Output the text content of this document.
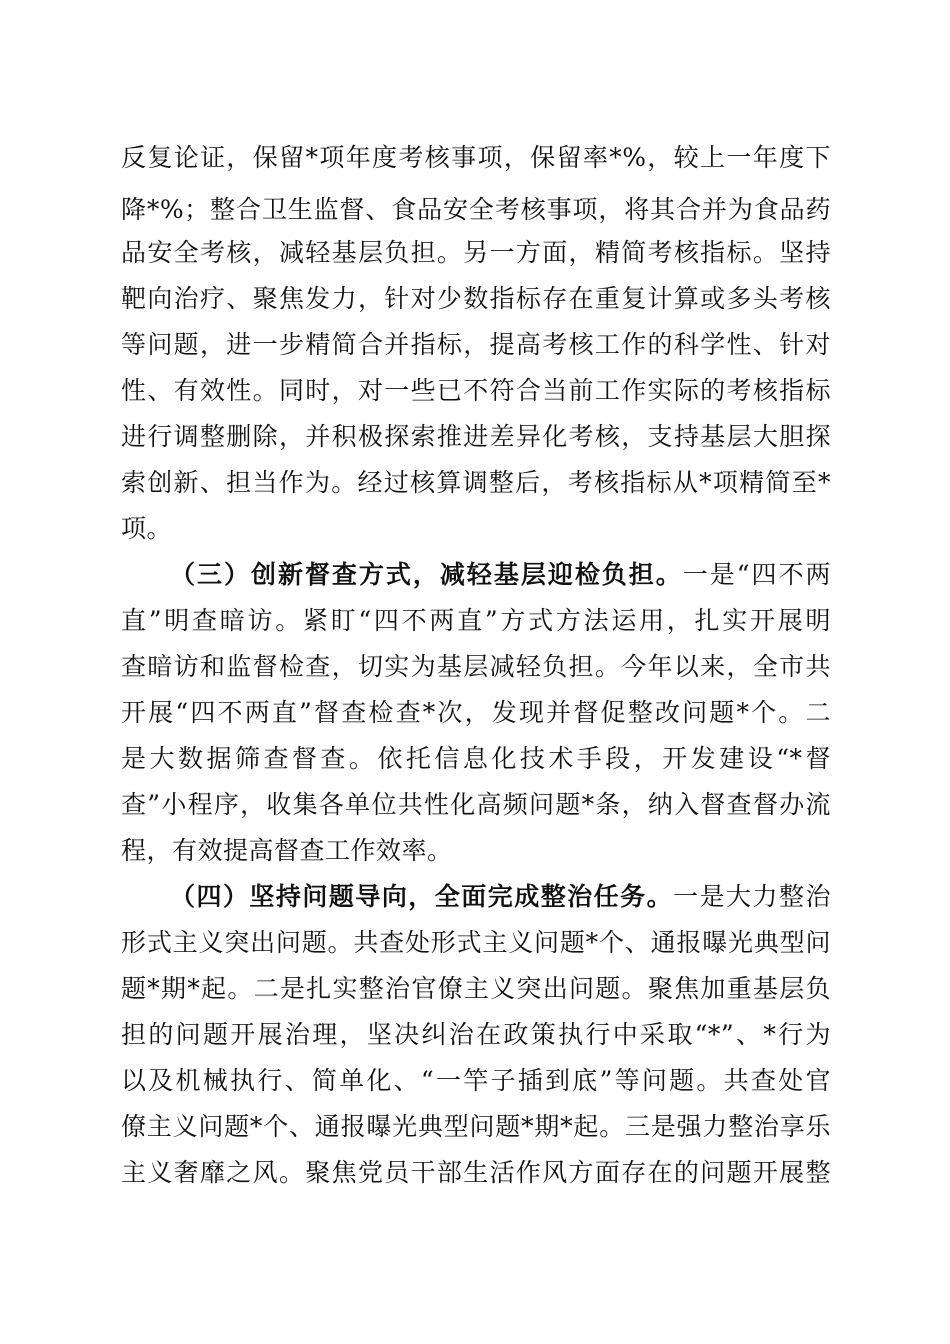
反复论证，保留*项年度考核事项，保留率*%，较上一年度下
降*%；整合卫生监督、食品安全考核事项，将其合并为食品药
品安全考核，减轻基层负担。另一方面，精简考核指标。坚持
靶向治疗、聚焦发力，针对少数指标存在重复计算或多头考核
等问题，进一步精简合并指标，提高考核工作的科学性、针对
性、有效性。同时，对一些已不符合当前工作实际的考核指标
进行调整删除，并积极探索推进差异化考核，支持基层大胆探
索创新、担当作为。经过核算调整后，考核指标从*项精简至*
项。
（三）创新督查方式，减轻基层迎检负担。一是“四不两
直”明查暗访。紧盯“四不两直”方式方法运用，扎实开展明
查暗访和监督检查，切实为基层减轻负担。今年以来，全市共
开展“四不两直”督查检查*次，发现并督促整改问题*个。二
是大数据筛查督查。依托信息化技术手段，开发建设“*督
查”小程序，收集各单位共性化高频问题*条，纳入督查督办流
程，有效提高督查工作效率。
（四）坚持问题导向，全面完成整治任务。一是大力整治
形式主义突出问题。共查处形式主义问题*个、通报曝光典型问
题*期*起。二是扎实整治官僚主义突出问题。聚焦加重基层负
担的问题开展治理，坚决纠治在政策执行中采取“*”、*行为
以及机械执行、简单化、“一竿子插到底”等问题。共查处官
僚主义问题*个、通报曝光典型问题*期*起。三是强力整治享乐
主义奢靡之风。聚焦党员干部生活作风方面存在的问题开展整
